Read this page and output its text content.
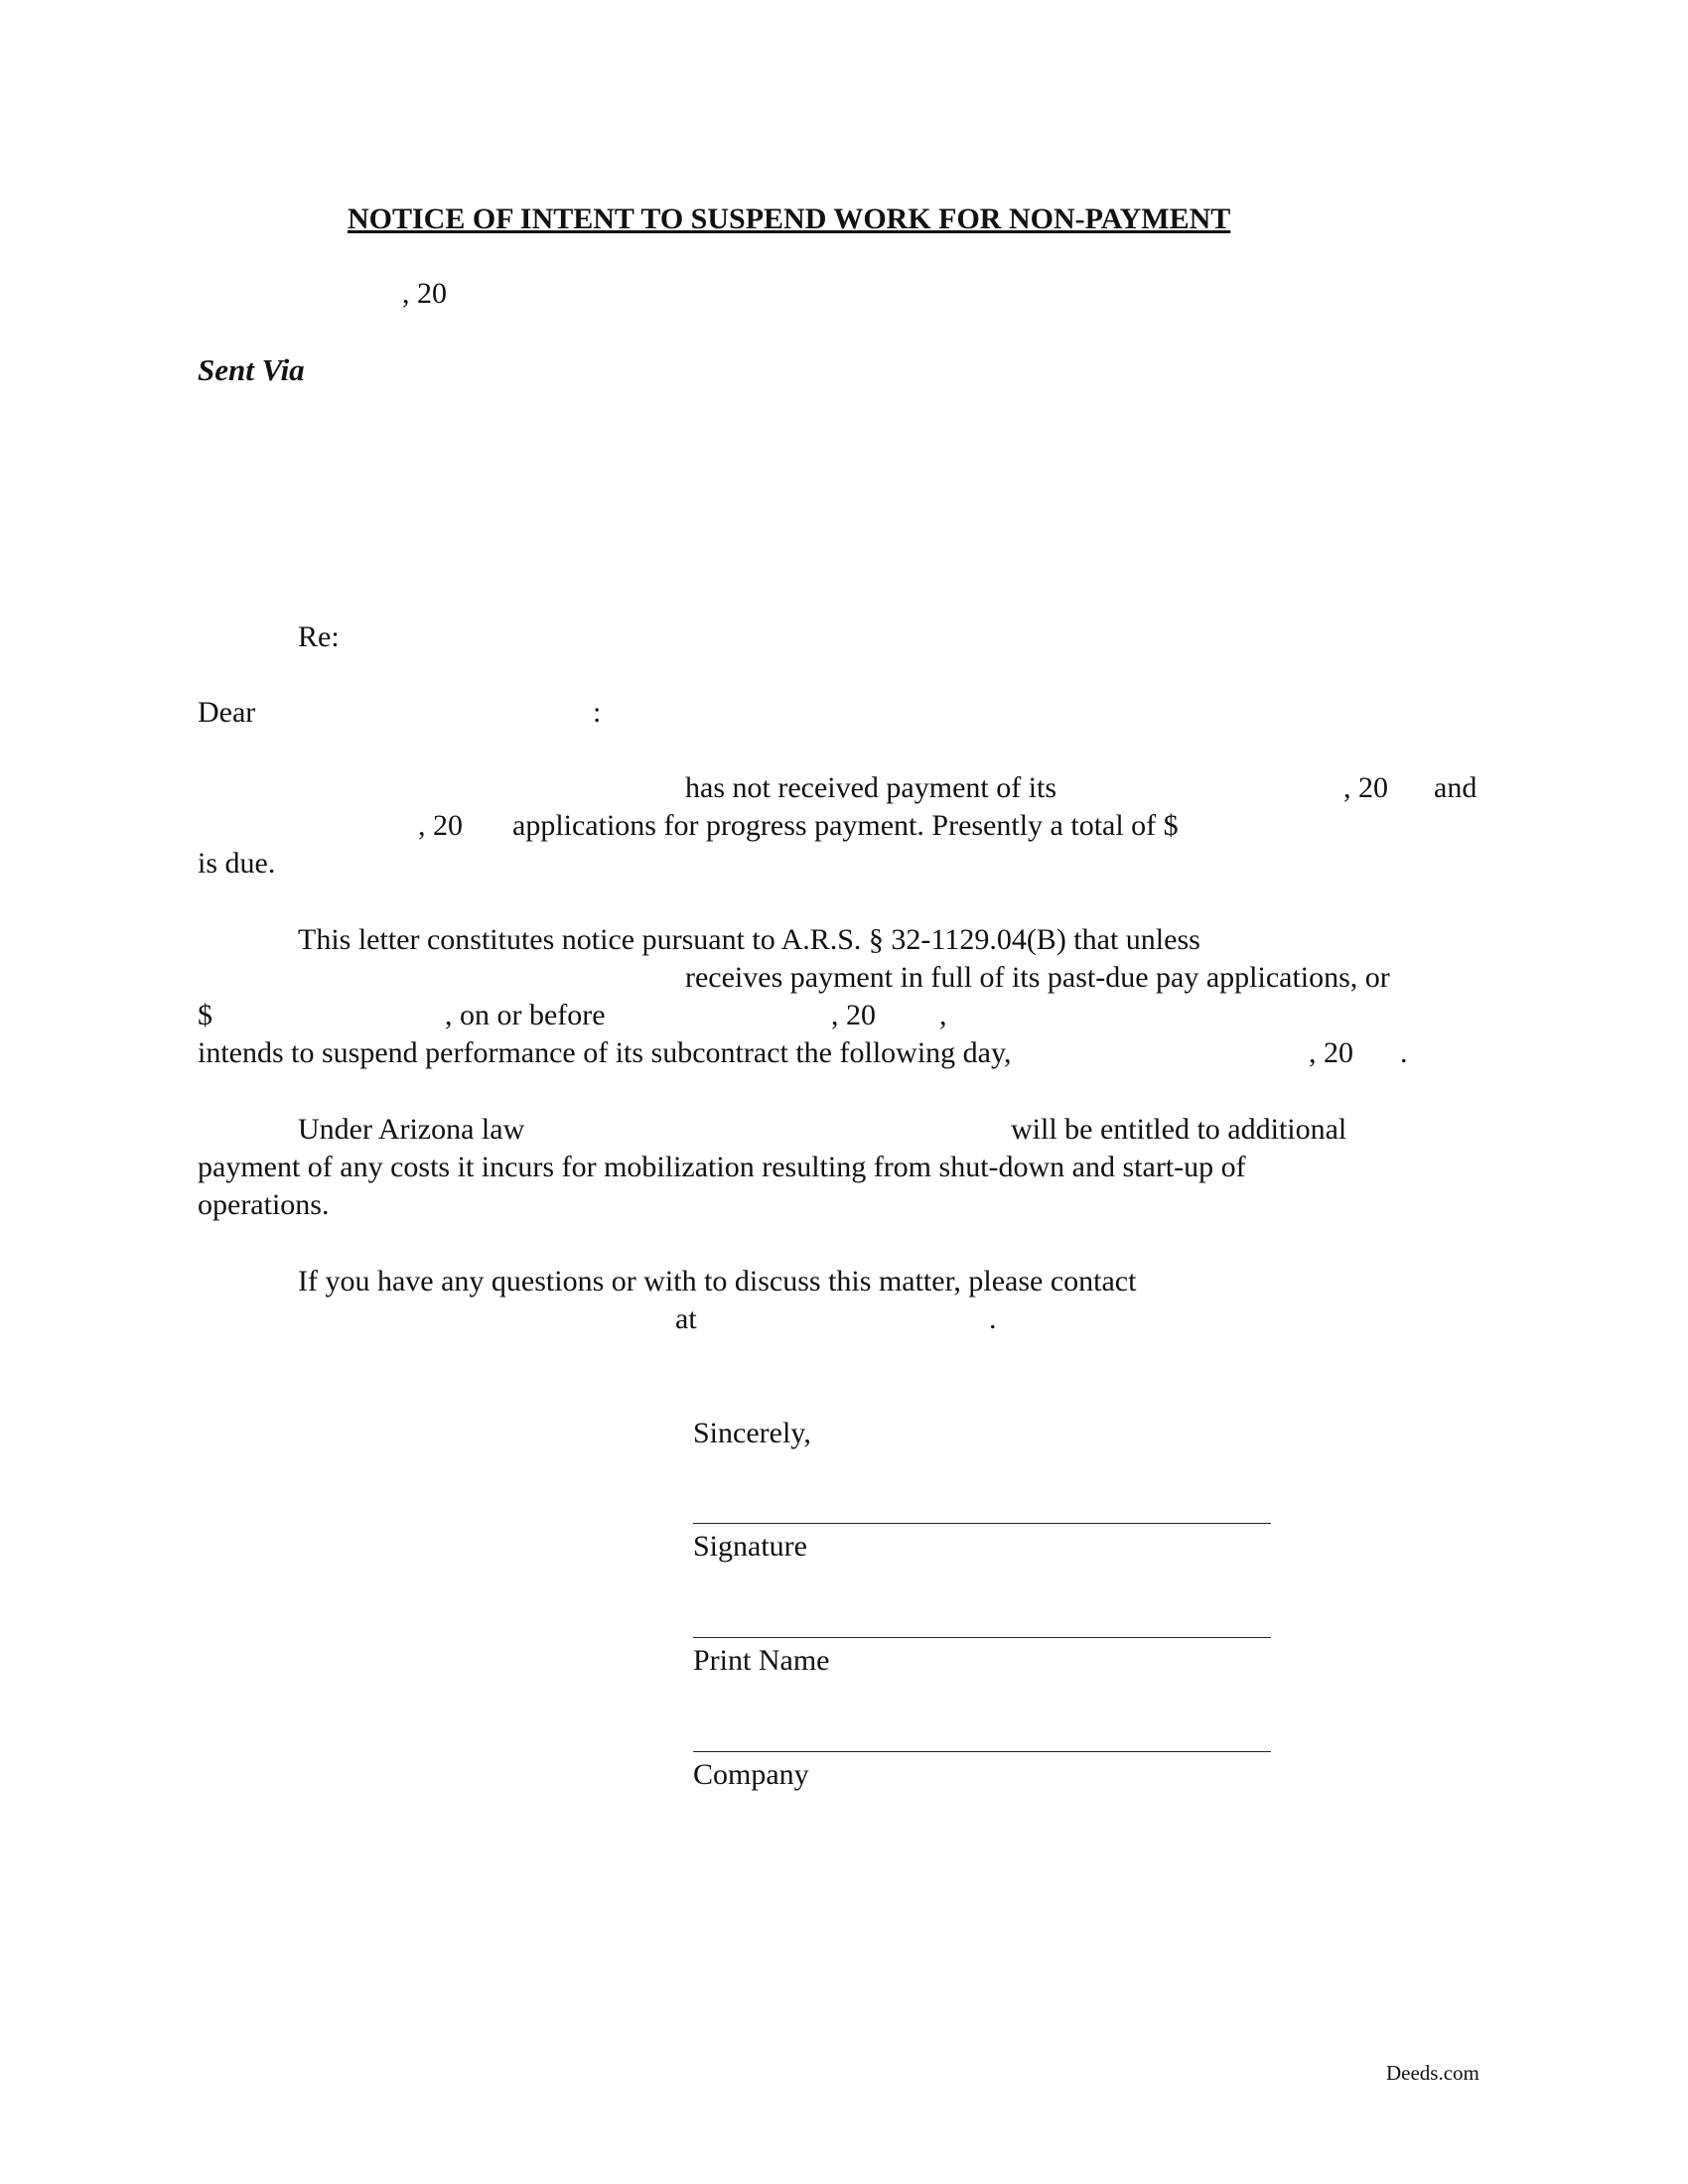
NOTICE OF INTENT TO SUSPEND WORK FOR NON-PAYMENT
, 20
Sent Via
Re:
Dear	:
has not received payment of its	, 20 and
, 20 applications for progress payment. Presently a total of $
is due.
This letter constitutes notice pursuant to A.R.S. § 32-1129.04(B) that unless
receives payment in full of its past-due pay applications, or
$	, on or before	, 20 ,
intends to suspend performance of its subcontract the following day,	, 20 .
Under Arizona law	will be entitled to additional
payment of any costs it incurs for mobilization resulting from shut-down and start-up of
operations.
If you have any questions or with to discuss this matter, please contact
at	.
Sincerely,
Signature
Print Name
Company
Deeds.com
